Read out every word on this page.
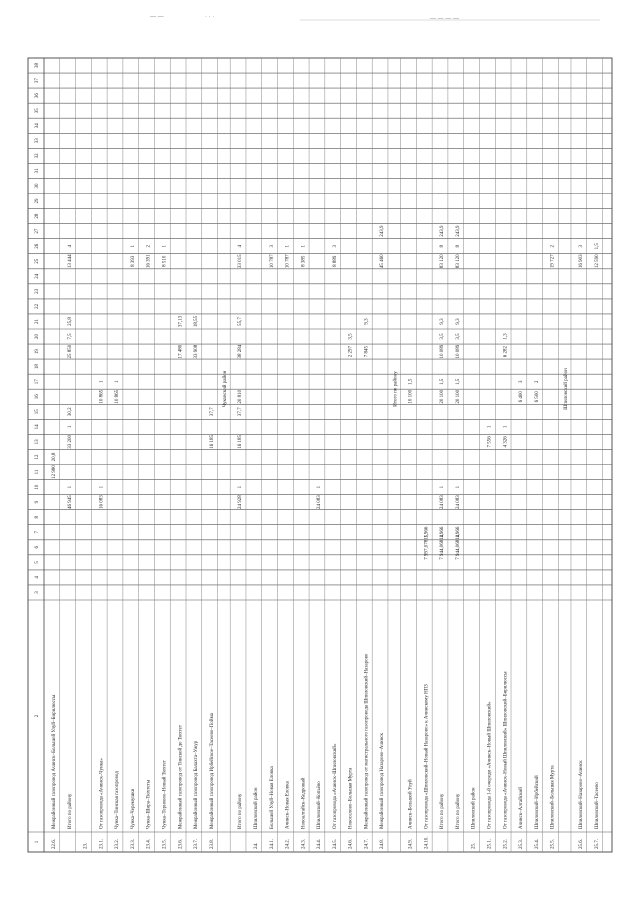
— —	· · ·	— — — —
1
2
3
4
5
6
7
8
9
10
11
12
13
14
15
16
17
18
19
20
21
22
23
24
25
26
27
28
29
30
31
32
33
34
35
36
37
38
22.6.
Межрайонный газопровод Ачинск–Большой Улуй–Бирилюссы
12 980
20,8
Итого по району
46 945
1
33 200
1
30,2
25 850
7,5
25,8
13 444
4
23. 23.1.
От газопровода «Ачинск–Чунка»
16 083
1
10 865
1
23.2.
Чунка–Тинская газопровод
10 865
1
23.3.
Чунка–Черемушки
8 393
1
23.4.
Чунка–Шира–Тюхтеты
16 391
2
23.5.
Чунка–Терновое–Новый Тюхтет
8 510
1
23.6.
Межрайонный газопровод от Тинской до Тюхтет
17 480
37,13
23.7.
Межрайонный газопровод Балахта–Ужур
33 908
18,55
23.8.
Межрайонный газопровод Ирбейское–Тасеево–Пойма
16 185
37,7
Чуковский район
Итого по району
24 928
1
16 185
37,7
20 810
38 284
55,7
33 015
4
24.
Шпиловский район
24.1.
Большой Улуй–Новая Еловка
10 787
3
24.2.
Ачинск–Новая Еловка
10 787
1
24.3.
Новоалтайск–Кедровый
8 385
1
24.4.
Шпиловский–Копьёво
24 083
1
24.5.
От газопровода «Ачинск–Шпиловский»
8 889
3
24.6.
Новоселово–Большая Мурта
2 297
3,5
24.7.
Межрайонный газопровод от магистрального газопровода Шпиловский–Назарово
7 845
9,3
24.8.
Межрайонный газопровод Назарово–Ачинск
45 460
243,9
Итого по району
24.9.
Ачинск–Большой Улуй
10 100
1,5
24.10.
От газопровода «Шпиловский–Новый Назарово» к Ачинскому НПЗ
7 997,07815
1,966
Итого по району
7 944,06814
1,966
24 083
1
20 100
1,5
10 089
3,5
9,3
83 120
8
243,9
Итого по району
7 944,06814
1,966
24 083
1
20 100
1,5
10 089
3,5
9,3
83 120
8
243,9
25.
Шпиловский район
25.1.
От газопровода 1-й очереди «Ачинск–Новый Шпиловский»
7 556
1
25.2.
От газопровода «Ачинск–Новый Шпиловский» Шпиловский–Бирилюссы
4 326
1
6 282
1,3
25.3.
Ачинск–Алтайский
6 400
3
25.4.
Шпиловский–Ирбейский
6 500
2
25.5.
Шпиловский–Большая Мурта
19 727
2
Шпиловский район
25.6.
Шпиловский–Назарово–Ачинск
16 903
3
25.7.
Шпиловский–Тасеево
12 590
1,5
